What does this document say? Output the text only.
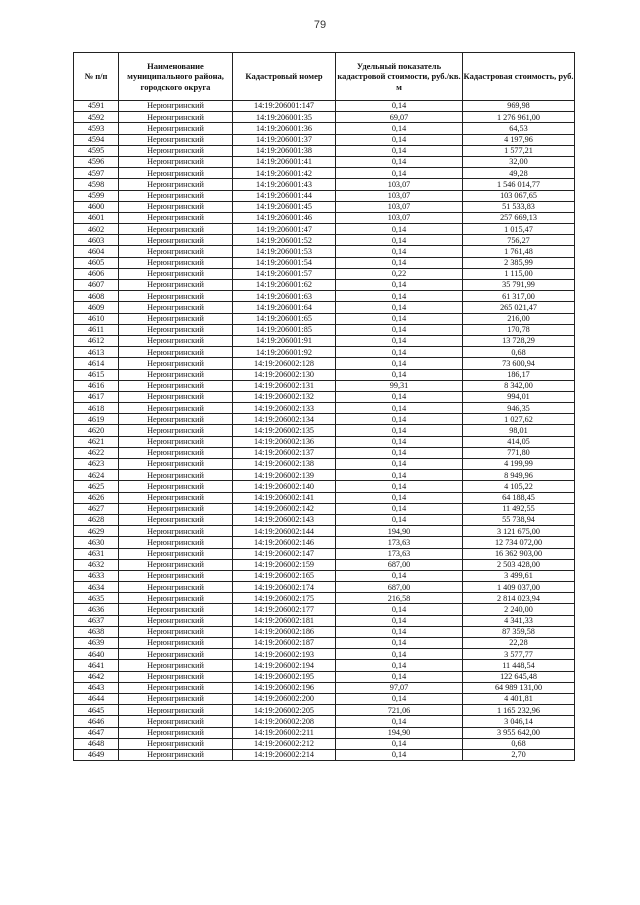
79
№ п/п	Наименование муниципального района, городского округа	Кадастровый номер	Удельный показатель кадастровой стоимости, руб./кв. м	Кадастровая стоимость, руб.
4591	Нерюнгринский	14:19:206001:147	0,14	969,98
4592	Нерюнгринский	14:19:206001:35	69,07	1 276 961,00
4593	Нерюнгринский	14:19:206001:36	0,14	64,53
4594	Нерюнгринский	14:19:206001:37	0,14	4 197,96
4595	Нерюнгринский	14:19:206001:38	0,14	1 577,21
4596	Нерюнгринский	14:19:206001:41	0,14	32,00
4597	Нерюнгринский	14:19:206001:42	0,14	49,28
4598	Нерюнгринский	14:19:206001:43	103,07	1 546 014,77
4599	Нерюнгринский	14:19:206001:44	103,07	103 067,65
4600	Нерюнгринский	14:19:206001:45	103,07	51 533,83
4601	Нерюнгринский	14:19:206001:46	103,07	257 669,13
4602	Нерюнгринский	14:19:206001:47	0,14	1 015,47
4603	Нерюнгринский	14:19:206001:52	0,14	756,27
4604	Нерюнгринский	14:19:206001:53	0,14	1 761,48
4605	Нерюнгринский	14:19:206001:54	0,14	2 385,99
4606	Нерюнгринский	14:19:206001:57	0,22	1 115,00
4607	Нерюнгринский	14:19:206001:62	0,14	35 791,99
4608	Нерюнгринский	14:19:206001:63	0,14	61 317,00
4609	Нерюнгринский	14:19:206001:64	0,14	265 021,47
4610	Нерюнгринский	14:19:206001:65	0,14	216,00
4611	Нерюнгринский	14:19:206001:85	0,14	170,78
4612	Нерюнгринский	14:19:206001:91	0,14	13 728,29
4613	Нерюнгринский	14:19:206001:92	0,14	0,68
4614	Нерюнгринский	14:19:206002:128	0,14	73 600,94
4615	Нерюнгринский	14:19:206002:130	0,14	186,17
4616	Нерюнгринский	14:19:206002:131	99,31	8 342,00
4617	Нерюнгринский	14:19:206002:132	0,14	994,01
4618	Нерюнгринский	14:19:206002:133	0,14	946,35
4619	Нерюнгринский	14:19:206002:134	0,14	1 027,62
4620	Нерюнгринский	14:19:206002:135	0,14	98,01
4621	Нерюнгринский	14:19:206002:136	0,14	414,05
4622	Нерюнгринский	14:19:206002:137	0,14	771,80
4623	Нерюнгринский	14:19:206002:138	0,14	4 199,99
4624	Нерюнгринский	14:19:206002:139	0,14	8 949,96
4625	Нерюнгринский	14:19:206002:140	0,14	4 105,22
4626	Нерюнгринский	14:19:206002:141	0,14	64 188,45
4627	Нерюнгринский	14:19:206002:142	0,14	11 492,55
4628	Нерюнгринский	14:19:206002:143	0,14	55 738,94
4629	Нерюнгринский	14:19:206002:144	194,90	3 121 675,00
4630	Нерюнгринский	14:19:206002:146	173,63	12 734 072,00
4631	Нерюнгринский	14:19:206002:147	173,63	16 362 903,00
4632	Нерюнгринский	14:19:206002:159	687,00	2 503 428,00
4633	Нерюнгринский	14:19:206002:165	0,14	3 499,61
4634	Нерюнгринский	14:19:206002:174	687,00	1 409 037,00
4635	Нерюнгринский	14:19:206002:175	216,58	2 814 023,94
4636	Нерюнгринский	14:19:206002:177	0,14	2 240,00
4637	Нерюнгринский	14:19:206002:181	0,14	4 341,33
4638	Нерюнгринский	14:19:206002:186	0,14	87 359,58
4639	Нерюнгринский	14:19:206002:187	0,14	22,28
4640	Нерюнгринский	14:19:206002:193	0,14	3 577,77
4641	Нерюнгринский	14:19:206002:194	0,14	11 448,54
4642	Нерюнгринский	14:19:206002:195	0,14	122 645,48
4643	Нерюнгринский	14:19:206002:196	97,07	64 989 131,00
4644	Нерюнгринский	14:19:206002:200	0,14	4 401,81
4645	Нерюнгринский	14:19:206002:205	721,06	1 165 232,96
4646	Нерюнгринский	14:19:206002:208	0,14	3 046,14
4647	Нерюнгринский	14:19:206002:211	194,90	3 955 642,00
4648	Нерюнгринский	14:19:206002:212	0,14	0,68
4649	Нерюнгринский	14:19:206002:214	0,14	2,70
